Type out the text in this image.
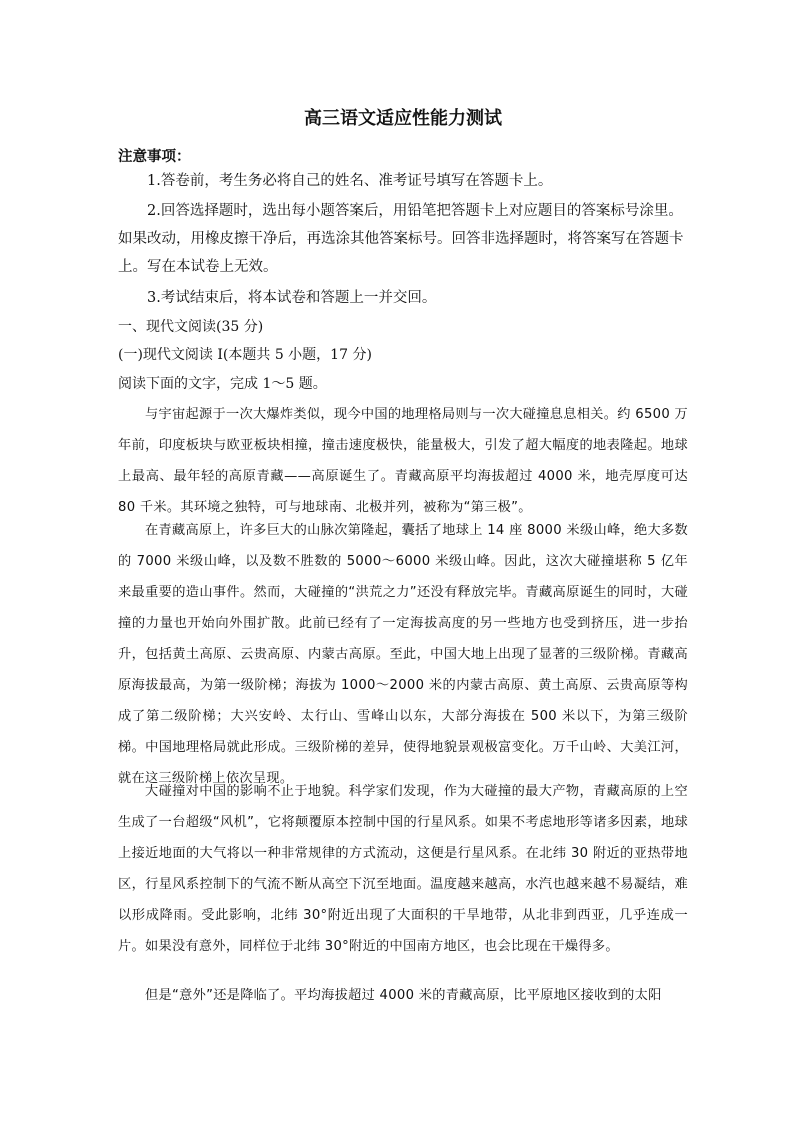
高三语文适应性能力测试
注意事项：
1.答卷前，考生务必将自己的姓名、准考证号填写在答题卡上。
2.回答选择题时，选出每小题答案后，用铅笔把答题卡上对应题目的答案标号涂里。如果改动，用橡皮擦干净后，再选涂其他答案标号。回答非选择题时，将答案写在答题卡上。写在本试卷上无效。
3.考试结束后，将本试卷和答题上一并交回。
一、现代文阅读(35 分)
(一)现代文阅读 I(本题共 5 小题，17 分)
阅读下面的文字，完成 1～5 题。
与宇宙起源于一次大爆炸类似，现今中国的地理格局则与一次大碰撞息息相关。约 6500 万年前，印度板块与欧亚板块相撞，撞击速度极快，能量极大，引发了超大幅度的地表隆起。地球上最高、最年轻的高原青藏——高原诞生了。青藏高原平均海拔超过 4000 米，地壳厚度可达 80 千米。其环境之独特，可与地球南、北极并列，被称为“第三极”。
在青藏高原上，许多巨大的山脉次第隆起，囊括了地球上 14 座 8000 米级山峰，绝大多数的 7000 米级山峰，以及数不胜数的 5000～6000 米级山峰。因此，这次大碰撞堪称 5 亿年来最重要的造山事件。然而，大碰撞的“洪荒之力”还没有释放完毕。青藏高原诞生的同时，大碰撞的力量也开始向外围扩散。此前已经有了一定海拔高度的另一些地方也受到挤压，进一步抬升，包括黄土高原、云贵高原、内蒙古高原。至此，中国大地上出现了显著的三级阶梯。青藏高原海拔最高，为第一级阶梯；海拔为 1000～2000 米的内蒙古高原、黄土高原、云贵高原等构成了第二级阶梯；大兴安岭、太行山、雪峰山以东，大部分海拔在 500 米以下，为第三级阶梯。中国地理格局就此形成。三级阶梯的差异，使得地貌景观极富变化。万千山岭、大美江河，就在这三级阶梯上依次呈现。
大碰撞对中国的影响不止于地貌。科学家们发现，作为大碰撞的最大产物，青藏高原的上空生成了一台超级“风机”，它将颠覆原本控制中国的行星风系。如果不考虑地形等诸多因素，地球上接近地面的大气将以一种非常规律的方式流动，这便是行星风系。在北纬 30 附近的亚热带地区，行星风系控制下的气流不断从高空下沉至地面。温度越来越高，水汽也越来越不易凝结，难以形成降雨。受此影响，北纬 30°附近出现了大面积的干旱地带，从北非到西亚，几乎连成一片。如果没有意外，同样位于北纬 30°附近的中国南方地区，也会比现在干燥得多。
但是“意外”还是降临了。平均海拔超过 4000 米的青藏高原，比平原地区接收到的太阳
